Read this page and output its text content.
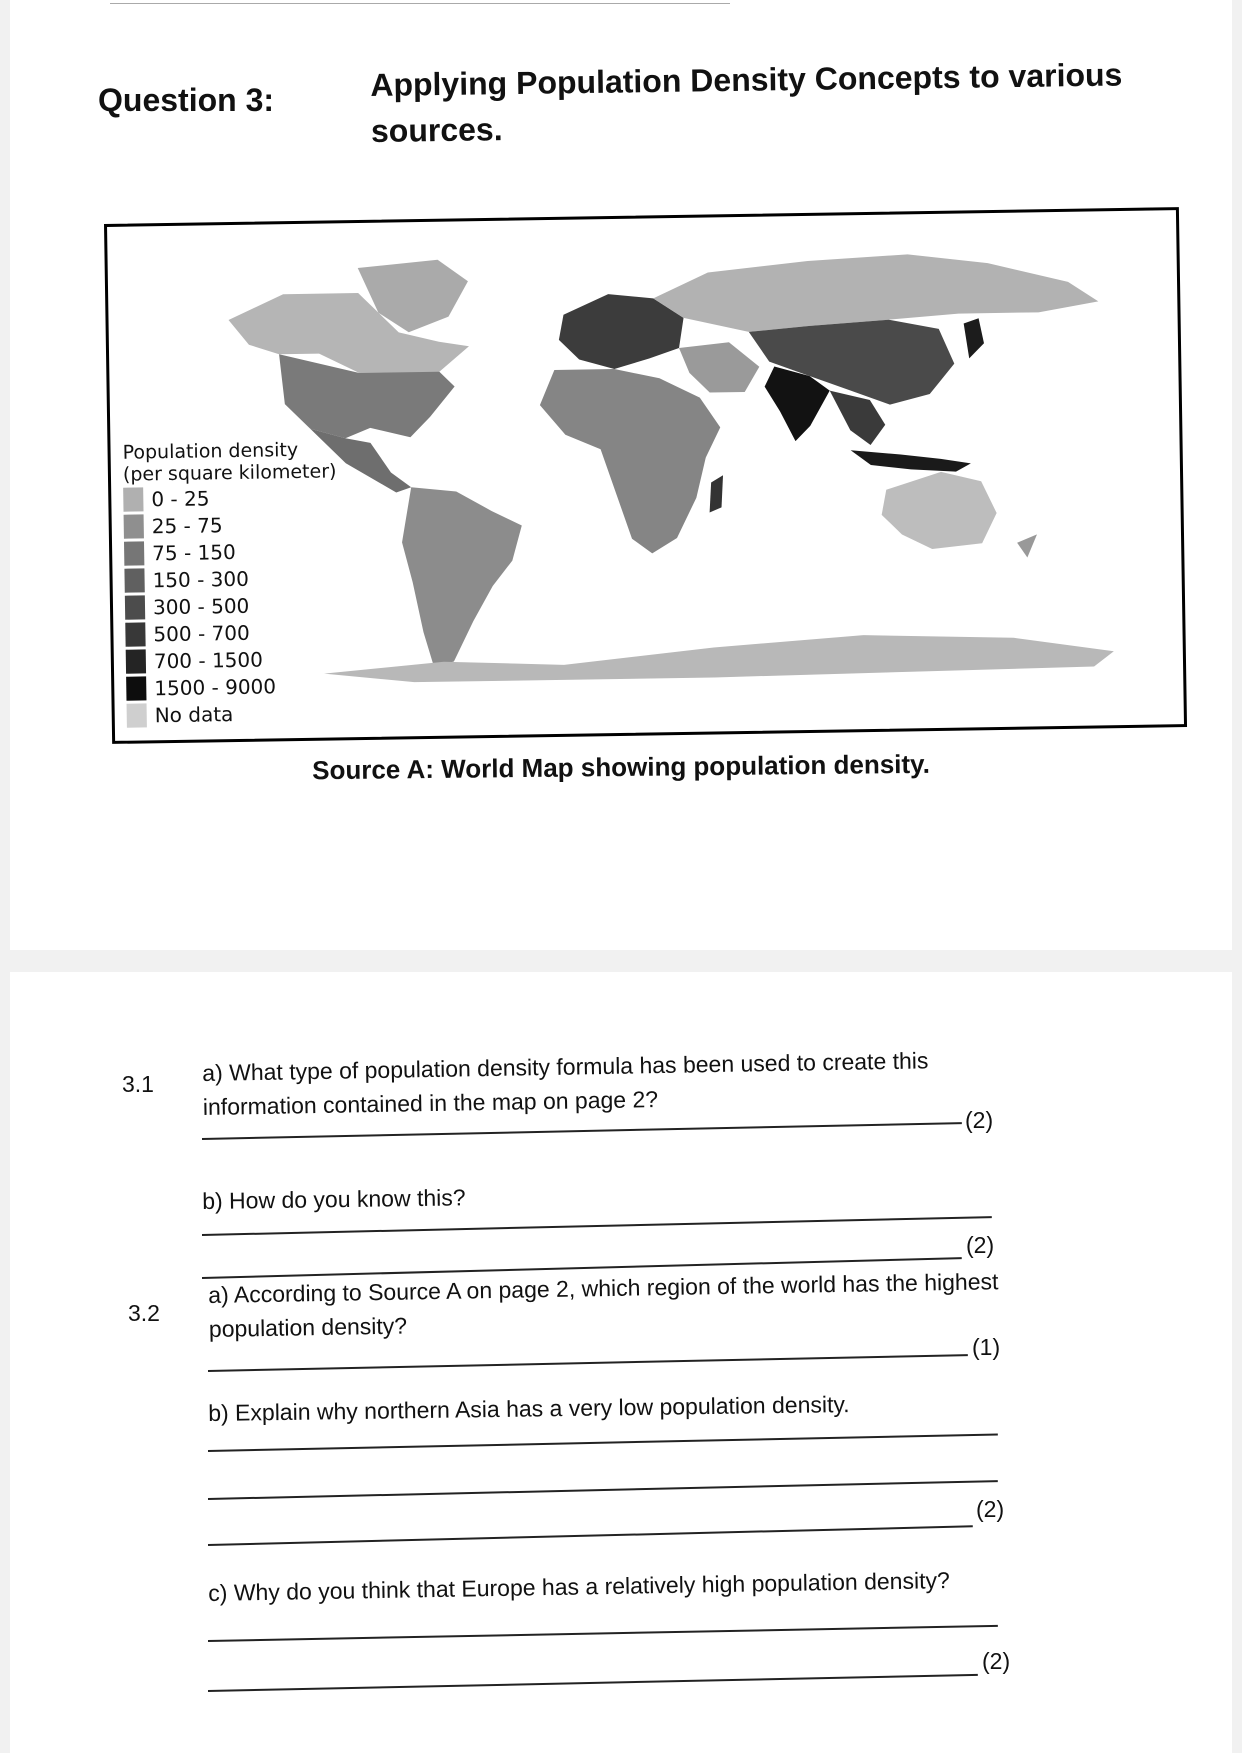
Question 3:	Applying Population Density Concepts to various
sources.
Population density
(per square kilometer)
0 - 25
25 - 75
75 - 150
150 - 300
300 - 500
500 - 700
700 - 1500
1500 - 9000
No data
Source A: World Map showing population density.
3.1 a) What type of population density formula has been used to create this
information contained in the map on page 2?
(2)
b) How do you know this?
(2)
3.2
a) According to Source A on page 2, which region of the world has the highest
population density?
(1)
b) Explain why northern Asia has a very low population density.
(2)
c) Why do you think that Europe has a relatively high population density?
(2)
